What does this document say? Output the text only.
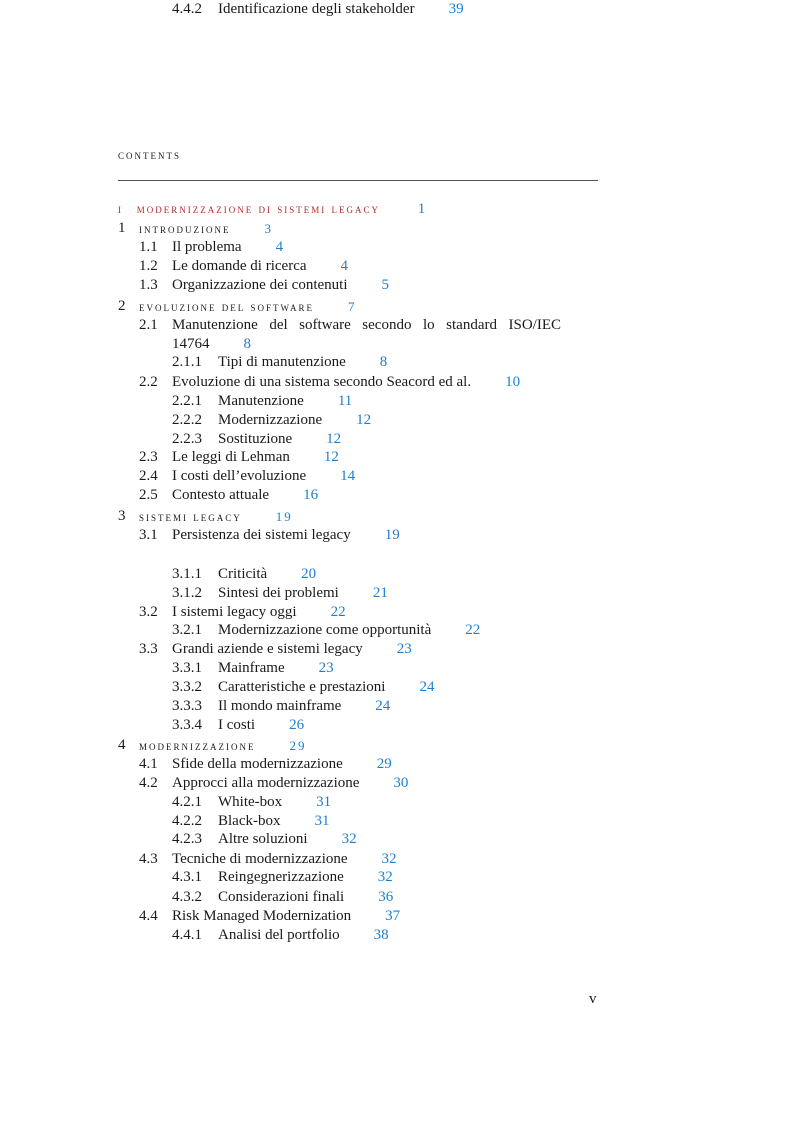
contents
i modernizzazione di sistemi legacy	1
1 introduzione	3
1.1 Il problema 4
1.2 Le domande di ricerca 4
1.3 Organizzazione dei contenuti 5
2 evoluzione del software	7
2.1 Manutenzione del software secondo lo standard ISO/IEC
14764 8
2.1.1 Tipi di manutenzione 8
2.2 Evoluzione di una sistema secondo Seacord ed al. 10
2.2.1 Manutenzione 11
2.2.2 Modernizzazione 12
2.2.3 Sostituzione 12
2.3 Le leggi di Lehman 12
2.4 I costi dell’evoluzione 14
2.5 Contesto attuale 16
3 sistemi legacy	19
3.1 Persistenza dei sistemi legacy 19
3.1.1 Criticità 20
3.1.2 Sintesi dei problemi 21
3.2 I sistemi legacy oggi 22
3.2.1 Modernizzazione come opportunità 22
3.3 Grandi aziende e sistemi legacy 23
3.3.1 Mainframe 23
3.3.2 Caratteristiche e prestazioni 24
3.3.3 Il mondo mainframe 24
3.3.4 I costi 26
4 modernizzazione	29
4.1 Sfide della modernizzazione 29
4.2 Approcci alla modernizzazione 30
4.2.1 White-box 31
4.2.2 Black-box 31
4.2.3 Altre soluzioni 32
4.3 Tecniche di modernizzazione 32
4.3.1 Reingegnerizzazione 32
4.3.2 Considerazioni finali 36
4.4 Risk Managed Modernization 37
4.4.1 Analisi del portfolio 38
4.4.2 Identificazione degli stakeholder 39
v
